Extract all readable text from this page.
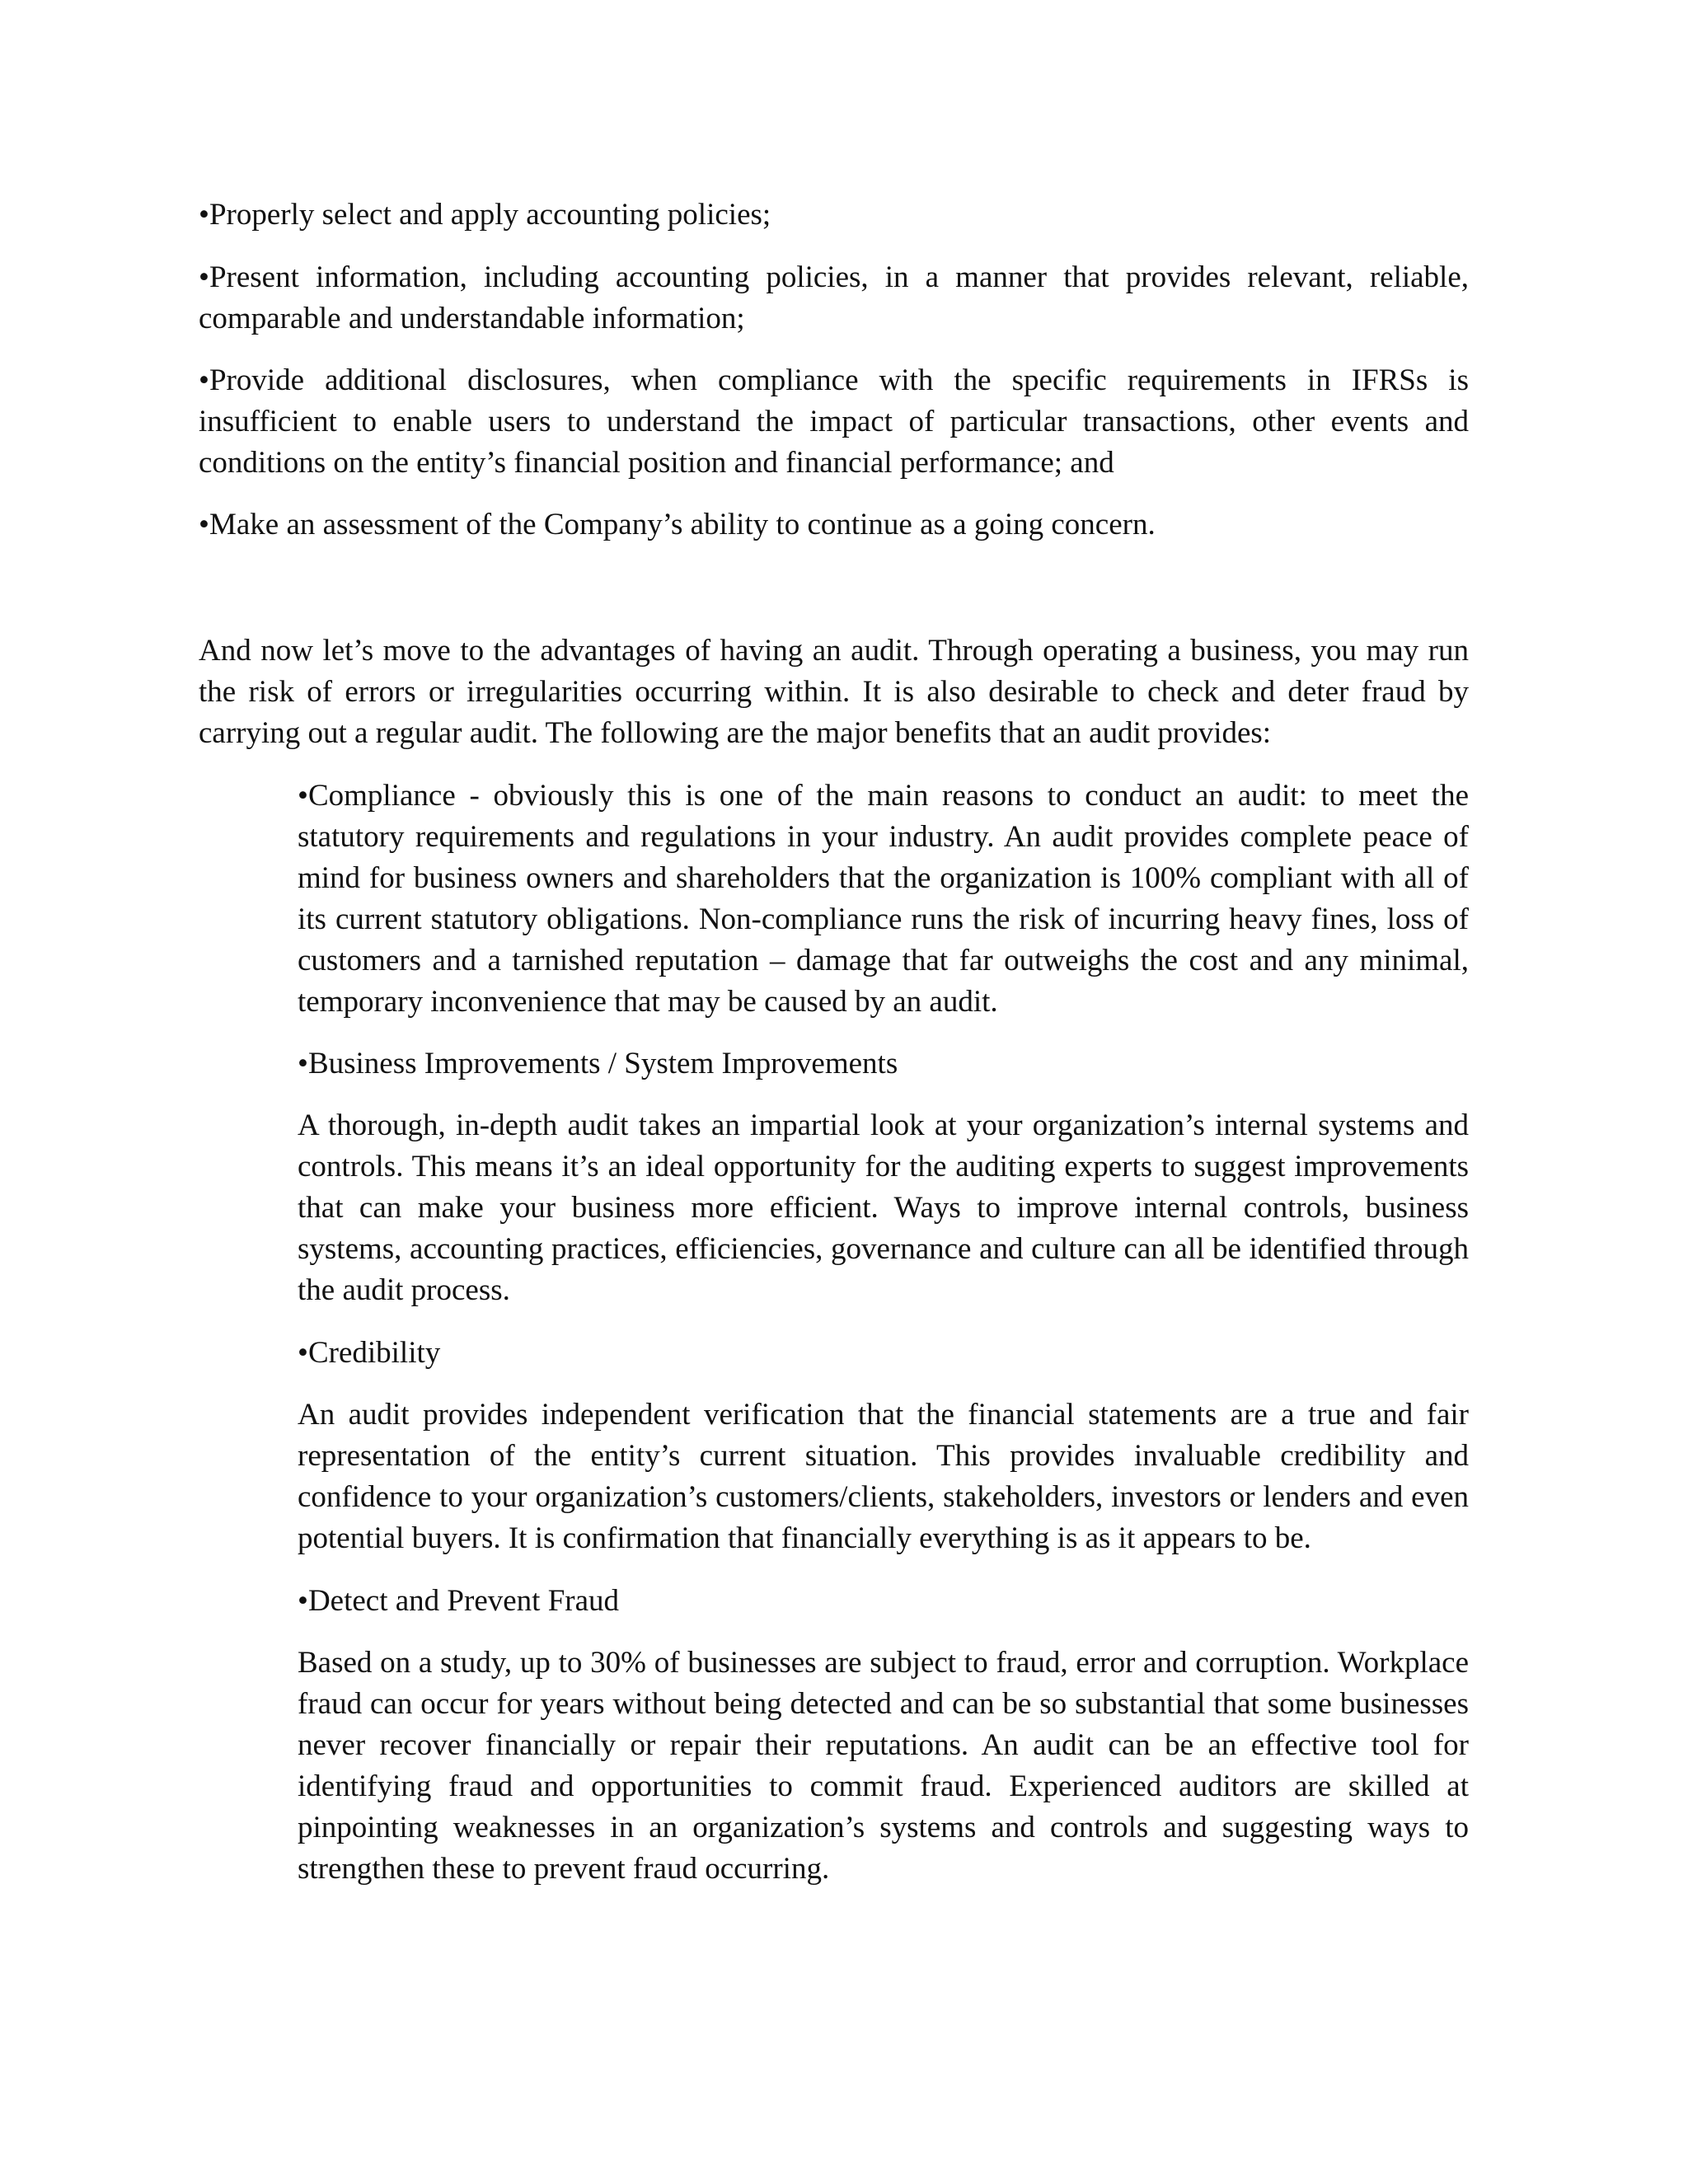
•Properly select and apply accounting policies;

•Present information, including accounting policies, in a manner that provides relevant, reliable, comparable and understandable information;

•Provide additional disclosures, when compliance with the specific requirements in IFRSs is insufficient to enable users to understand the impact of particular transactions, other events and conditions on the entity’s financial position and financial performance; and

•Make an assessment of the Company’s ability to continue as a going concern.

And now let’s move to the advantages of having an audit. Through operating a business, you may run the risk of errors or irregularities occurring within. It is also desirable to check and deter fraud by carrying out a regular audit. The following are the major benefits that an audit provides:

•Compliance - obviously this is one of the main reasons to conduct an audit: to meet the statutory requirements and regulations in your industry. An audit provides complete peace of mind for business owners and shareholders that the organization is 100% compliant with all of its current statutory obligations. Non-compliance runs the risk of incurring heavy fines, loss of customers and a tarnished reputation – damage that far outweighs the cost and any minimal, temporary inconvenience that may be caused by an audit.

•Business Improvements / System Improvements

A thorough, in-depth audit takes an impartial look at your organization’s internal systems and controls. This means it’s an ideal opportunity for the auditing experts to suggest improvements that can make your business more efficient. Ways to improve internal controls, business systems, accounting practices, efficiencies, governance and culture can all be identified through the audit process.

•Credibility

An audit provides independent verification that the financial statements are a true and fair representation of the entity’s current situation. This provides invaluable credibility and confidence to your organization’s customers/clients, stakeholders, investors or lenders and even potential buyers. It is confirmation that financially everything is as it appears to be.

•Detect and Prevent Fraud

Based on a study, up to 30% of businesses are subject to fraud, error and corruption. Workplace fraud can occur for years without being detected and can be so substantial that some businesses never recover financially or repair their reputations. An audit can be an effective tool for identifying fraud and opportunities to commit fraud. Experienced auditors are skilled at pinpointing weaknesses in an organization’s systems and controls and suggesting ways to strengthen these to prevent fraud occurring.
